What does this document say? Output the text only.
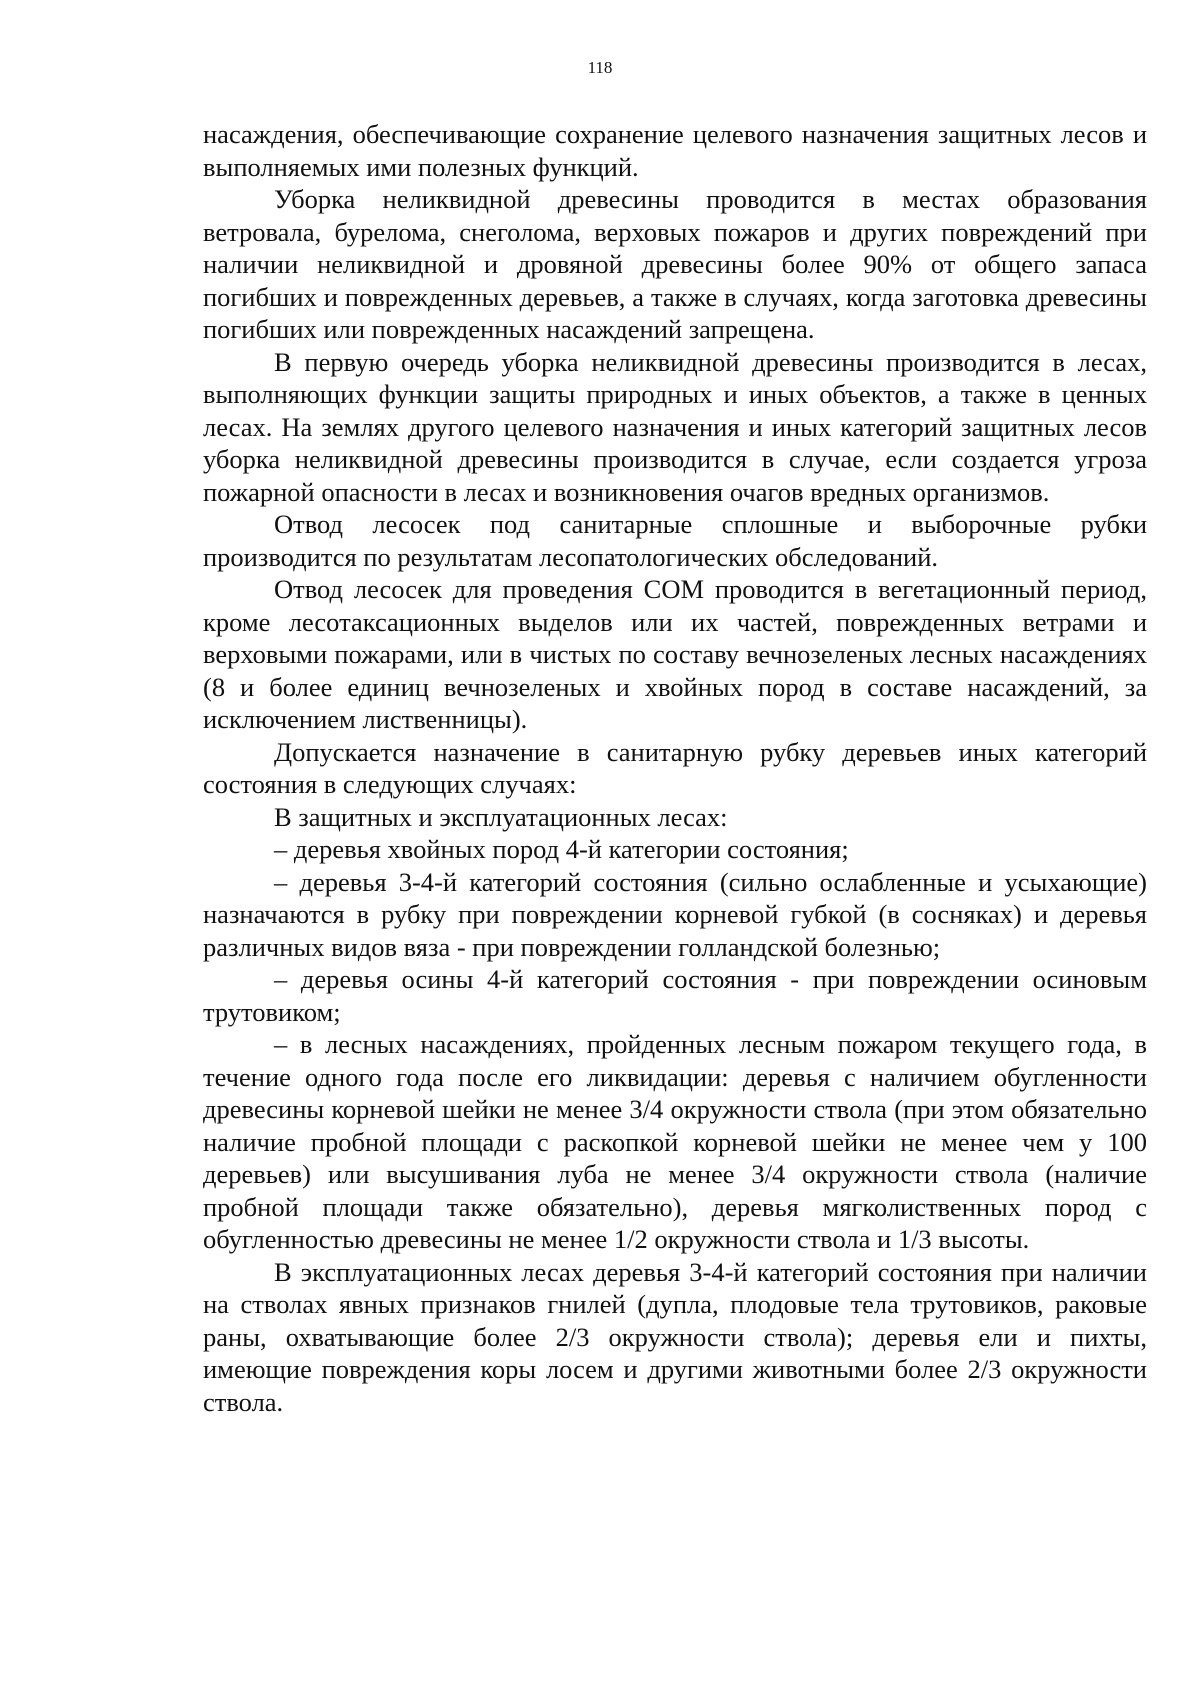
118

насаждения, обеспечивающие сохранение целевого назначения защитных лесов и выполняемых ими полезных функций.

Уборка неликвидной древесины проводится в местах образования ветровала, бурелома, снеголома, верховых пожаров и других повреждений при наличии неликвидной и дровяной древесины более 90% от общего запаса погибших и поврежденных деревьев, а также в случаях, когда заготовка древесины погибших или поврежденных насаждений запрещена.

В первую очередь уборка неликвидной древесины производится в лесах, выполняющих функции защиты природных и иных объектов, а также в ценных лесах. На землях другого целевого назначения и иных категорий защитных лесов уборка неликвидной древесины производится в случае, если создается угроза пожарной опасности в лесах и возникновения очагов вредных организмов.

Отвод лесосек под санитарные сплошные и выборочные рубки производится по результатам лесопатологических обследований.

Отвод лесосек для проведения СОМ проводится в вегетационный период, кроме лесотаксационных выделов или их частей, поврежденных ветрами и верховыми пожарами, или в чистых по составу вечнозеленых лесных насаждениях (8 и более единиц вечнозеленых и хвойных пород в составе насаждений, за исключением лиственницы).

Допускается назначение в санитарную рубку деревьев иных категорий состояния в следующих случаях:

В защитных и эксплуатационных лесах:

– деревья хвойных пород 4-й категории состояния;

– деревья 3-4-й категорий состояния (сильно ослабленные и усыхающие) назначаются в рубку при повреждении корневой губкой (в сосняках) и деревья различных видов вяза - при повреждении голландской болезнью;

– деревья осины 4-й категорий состояния - при повреждении осиновым трутовиком;

– в лесных насаждениях, пройденных лесным пожаром текущего года, в течение одного года после его ликвидации: деревья с наличием обугленности древесины корневой шейки не менее 3/4 окружности ствола (при этом обязательно наличие пробной площади с раскопкой корневой шейки не менее чем у 100 деревьев) или высушивания луба не менее 3/4 окружности ствола (наличие пробной площади также обязательно), деревья мягколиственных пород с обугленностью древесины не менее 1/2 окружности ствола и 1/3 высоты.

В эксплуатационных лесах деревья 3-4-й категорий состояния при наличии на стволах явных признаков гнилей (дупла, плодовые тела трутовиков, раковые раны, охватывающие более 2/3 окружности ствола); деревья ели и пихты, имеющие повреждения коры лосем и другими животными более 2/3 окружности ствола.
